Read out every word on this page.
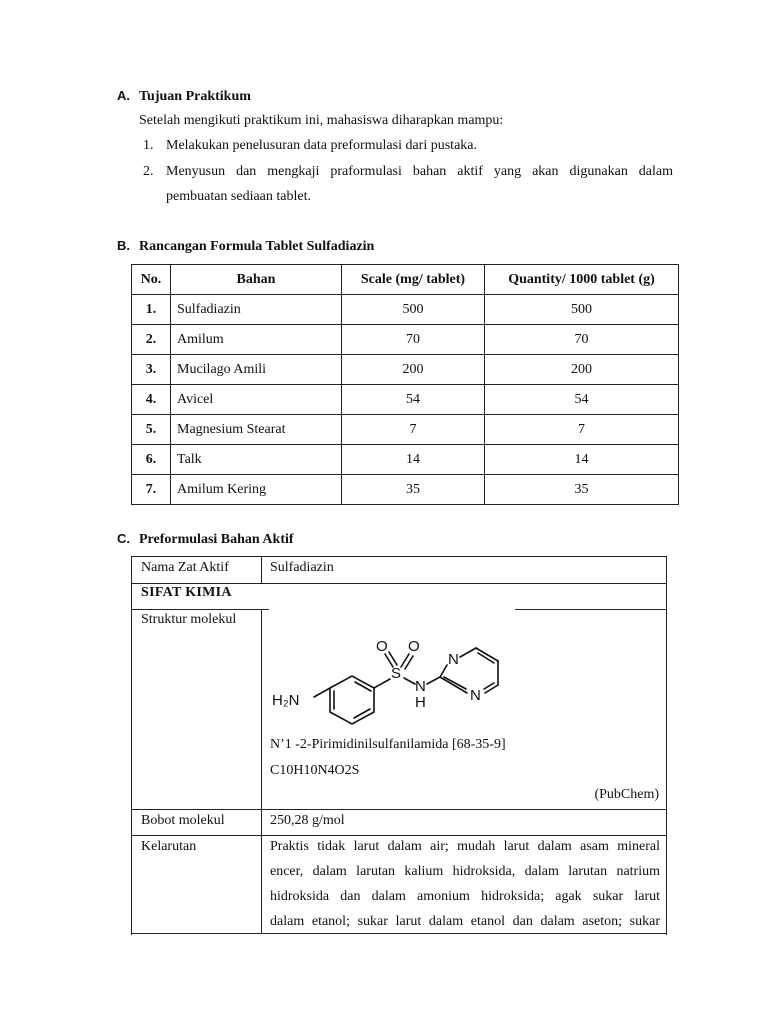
A. Tujuan Praktikum
Setelah mengikuti praktikum ini, mahasiswa diharapkan mampu:
1. Melakukan penelusuran data preformulasi dari pustaka.
2. Menyusun dan mengkaji praformulasi bahan aktif yang akan digunakan dalam
pembuatan sediaan tablet.
B. Rancangan Formula Tablet Sulfadiazin
No.	Bahan	Scale (mg/ tablet)	Quantity/ 1000 tablet (g)
1.	Sulfadiazin	500	500
2.	Amilum	70	70
3.	Mucilago Amili	200	200
4.	Avicel	54	54
5.	Magnesium Stearat	7	7
6.	Talk	14	14
7.	Amilum Kering	35	35
C. Preformulasi Bahan Aktif
Nama Zat Aktif	Sulfadiazin
SIFAT KIMIA
Struktur molekul
O O
S
N
H
N
N
H₂N
N’1 -2-Pirimidinilsulfanilamida [68-35-9]
C10H10N4O2S
(PubChem)
Bobot molekul	250,28 g/mol
Kelarutan	Praktis tidak larut dalam air; mudah larut dalam asam mineral
encer, dalam larutan kalium hidroksida, dalam larutan natrium
hidroksida dan dalam amonium hidroksida; agak sukar larut
dalam etanol; sukar larut dalam etanol dan dalam aseton; sukar
